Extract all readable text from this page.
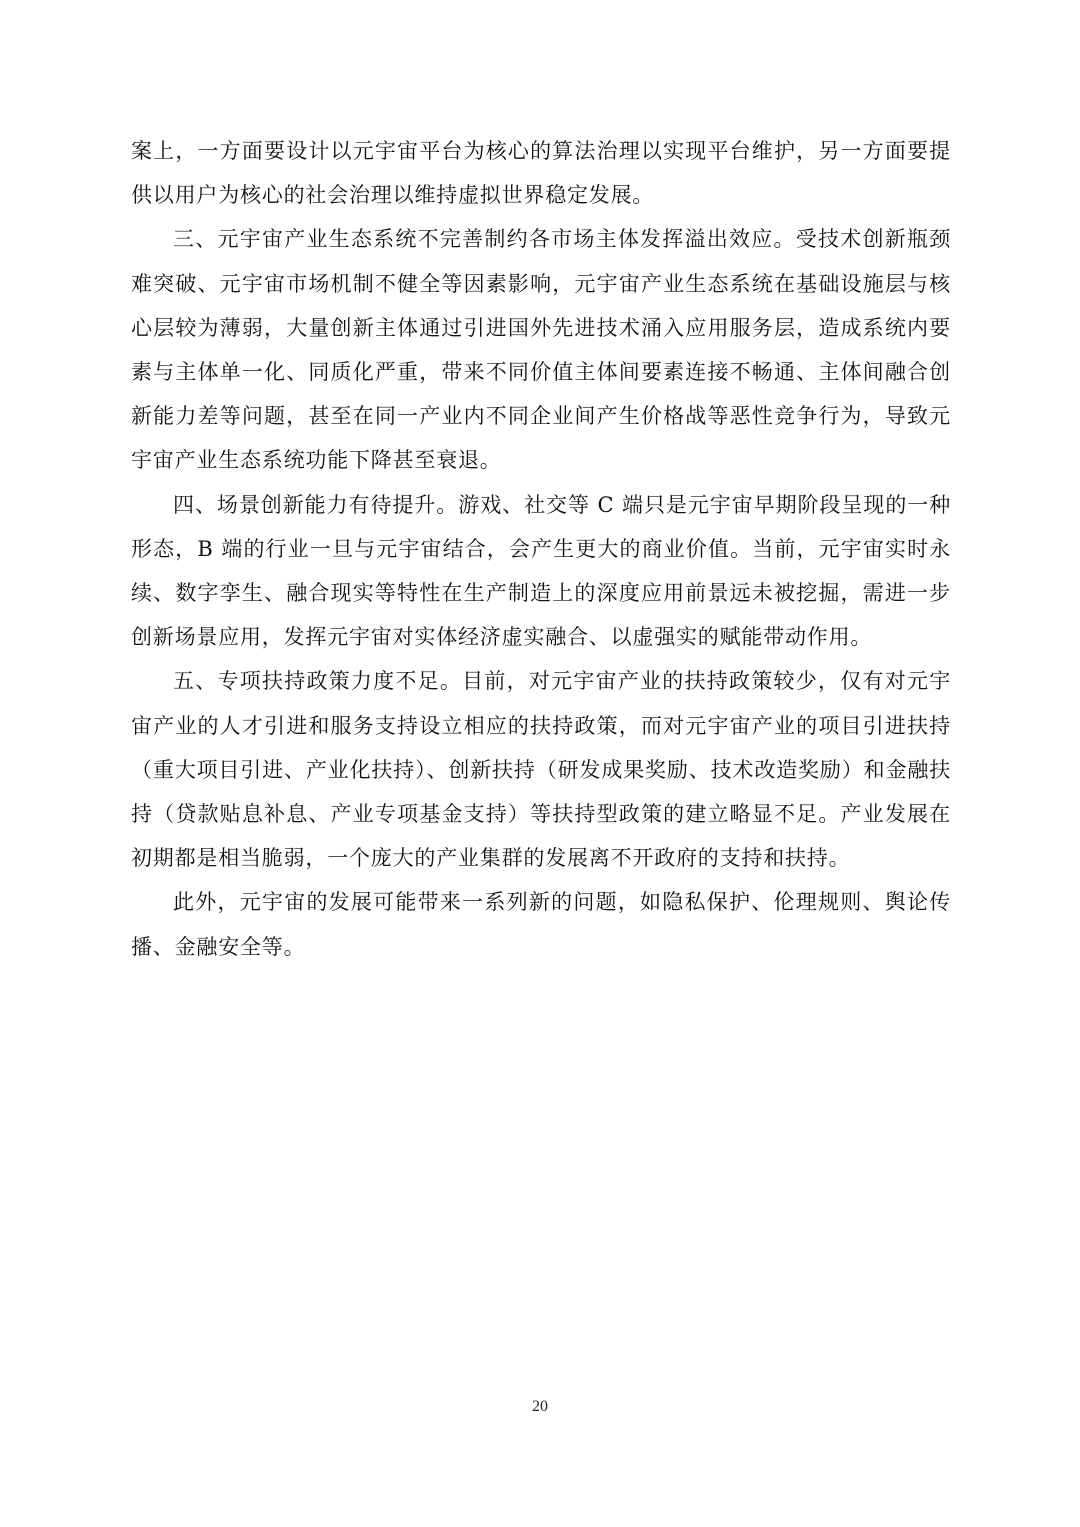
案上，一方面要设计以元宇宙平台为核心的算法治理以实现平台维护，另一方面要提供以用户为核心的社会治理以维持虚拟世界稳定发展。

三、元宇宙产业生态系统不完善制约各市场主体发挥溢出效应。受技术创新瓶颈难突破、元宇宙市场机制不健全等因素影响，元宇宙产业生态系统在基础设施层与核心层较为薄弱，大量创新主体通过引进国外先进技术涌入应用服务层，造成系统内要素与主体单一化、同质化严重，带来不同价值主体间要素连接不畅通、主体间融合创新能力差等问题，甚至在同一产业内不同企业间产生价格战等恶性竞争行为，导致元宇宙产业生态系统功能下降甚至衰退。

四、场景创新能力有待提升。游戏、社交等 C 端只是元宇宙早期阶段呈现的一种形态，B 端的行业一旦与元宇宙结合，会产生更大的商业价值。当前，元宇宙实时永续、数字孪生、融合现实等特性在生产制造上的深度应用前景远未被挖掘，需进一步创新场景应用，发挥元宇宙对实体经济虚实融合、以虚强实的赋能带动作用。

五、专项扶持政策力度不足。目前，对元宇宙产业的扶持政策较少，仅有对元宇宙产业的人才引进和服务支持设立相应的扶持政策，而对元宇宙产业的项目引进扶持（重大项目引进、产业化扶持）、创新扶持（研发成果奖励、技术改造奖励）和金融扶持（贷款贴息补息、产业专项基金支持）等扶持型政策的建立略显不足。产业发展在初期都是相当脆弱，一个庞大的产业集群的发展离不开政府的支持和扶持。

此外，元宇宙的发展可能带来一系列新的问题，如隐私保护、伦理规则、舆论传播、金融安全等。

20
